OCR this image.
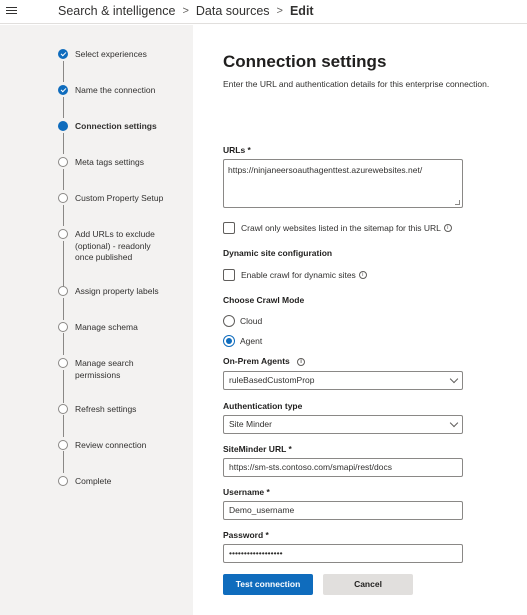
Search & intelligence > Data sources > Edit
Select experiences
Name the connection
Connection settings
Meta tags settings
Custom Property Setup
Add URLs to exclude (optional) - readonly once published
Assign property labels
Manage schema
Manage search permissions
Refresh settings
Review connection
Complete
Connection settings
Enter the URL and authentication details for this enterprise connection.
URLs *
https://ninjaneersoauthagenttest.azurewebsites.net/
Crawl only websites listed in the sitemap for this URL	i
Dynamic site configuration
Enable crawl for dynamic sites	i
Choose Crawl Mode
Cloud
Agent
On-Prem Agents i
ruleBasedCustomProp
Authentication type
Site Minder
SiteMinder URL *
https://sm-sts.contoso.com/smapi/rest/docs
Username *
Demo_username
Password *
••••••••••••••••••
Test connection	Cancel
